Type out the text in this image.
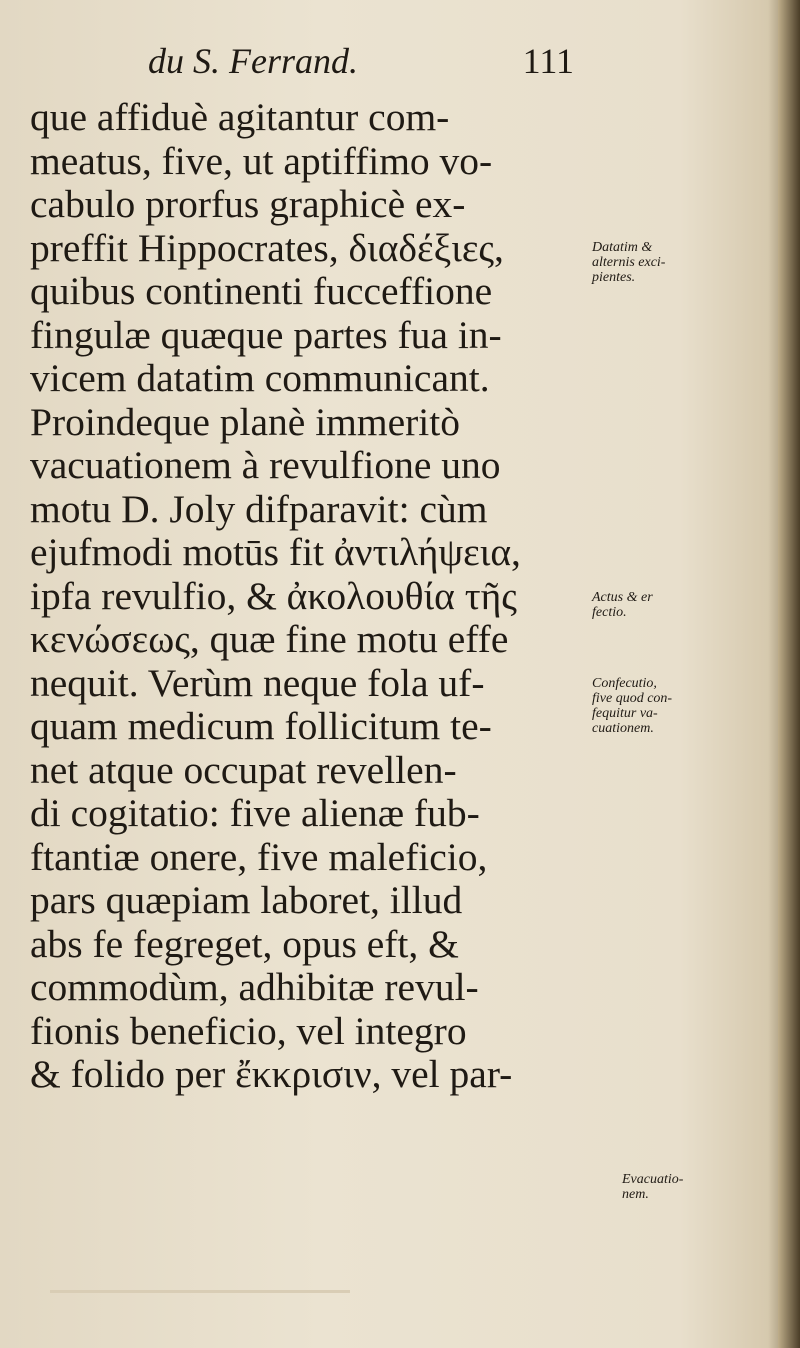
du S. Ferrand.	111
que affiduè agitantur com-
meatus, five, ut aptiffimo vo-
cabulo prorfus graphicè ex-
preffit Hippocrates, διαδέξιες,
quibus continenti fucceffione
fingulæ quæque partes fua in-
vicem datatim communicant.
Proindeque planè immeritò
vacuationem à revulfione uno
motu D. Joly difparavit: cùm
ejufmodi motūs fit ἀντιλήψεια,
ipfa revulfio, & ἀκολουθία τῆς
κενώσεως, quæ fine motu effe
nequit. Verùm neque fola uf-
quam medicum follicitum te-
net atque occupat revellen-
di cogitatio: five alienæ fub-
ftantiæ onere, five maleficio,
pars quæpiam laboret, illud
abs fe fegreget, opus eft, &
commodùm, adhibitæ revul-
fionis beneficio, vel integro
& folido per ἔκκρισιν, vel par-
Datatim &
alternis exci-
pientes.
Actus & er
fectio.
Confecutio,
five quod con-
fequitur va-
cuationem.
Evacuatio-
nem.
